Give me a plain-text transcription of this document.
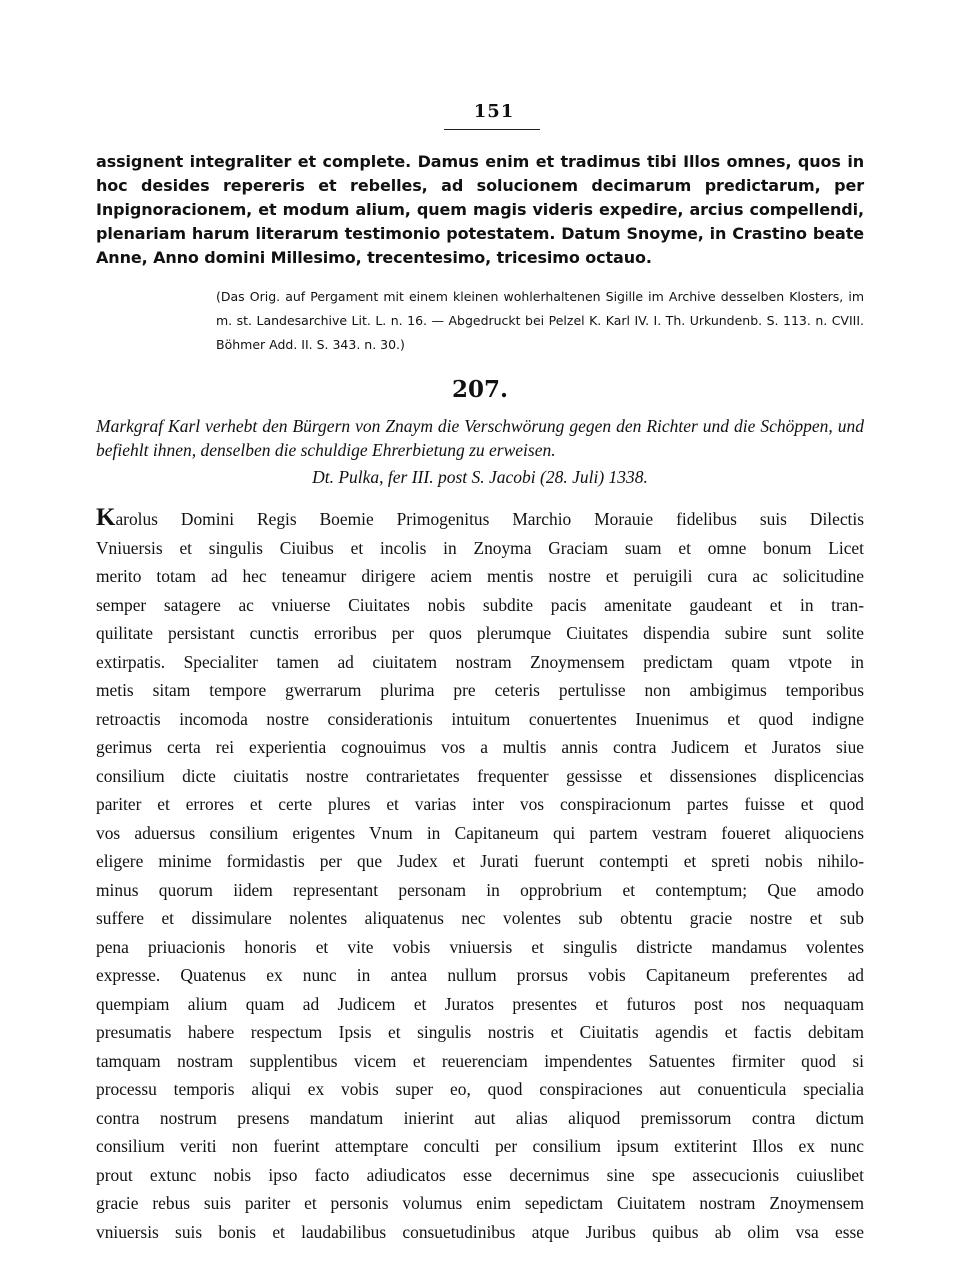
151
assignent integraliter et complete. Damus enim et tradimus tibi Illos omnes, quos in hoc desides repereris et rebelles, ad solucionem decimarum predictarum, per Inpignoracionem, et modum alium, quem magis videris expedire, arcius compellendi, plenariam harum literarum testimonio potestatem. Datum Snoyme, in Crastino beate Anne, Anno domini Millesimo, trecentesimo, tricesimo octauo.
(Das Orig. auf Pergament mit einem kleinen wohlerhaltenen Sigille im Archive desselben Klosters, im m. st. Landesarchive Lit. L. n. 16. — Abgedruckt bei Pelzel K. Karl IV. I. Th. Urkundenb. S. 113. n. CVIII. Böhmer Add. II. S. 343. n. 30.)
207.
Markgraf Karl verhebt den Bürgern von Znaym die Verschwörung gegen den Richter und die Schöppen, und befiehlt ihnen, denselben die schuldige Ehrerbietung zu erweisen.
Dt. Pulka, fer III. post S. Jacobi (28. Juli) 1338.
Karolus Domini Regis Boemie Primogenitus Marchio Morauie fidelibus suis Dilectis
Vniuersis et singulis Ciuibus et incolis in Znoyma Graciam suam et omne bonum Licet
merito totam ad hec teneamur dirigere aciem mentis nostre et peruigili cura ac solicitudine
semper satagere ac vniuerse Ciuitates nobis subdite pacis amenitate gaudeant et in tran-
quilitate persistant cunctis erroribus per quos plerumque Ciuitates dispendia subire sunt solite
extirpatis. Specialiter tamen ad ciuitatem nostram Znoymensem predictam quam vtpote in
metis sitam tempore gwerrarum plurima pre ceteris pertulisse non ambigimus temporibus
retroactis incomoda nostre considerationis intuitum conuertentes Inuenimus et quod indigne
gerimus certa rei experientia cognouimus vos a multis annis contra Judicem et Juratos siue
consilium dicte ciuitatis nostre contrarietates frequenter gessisse et dissensiones displicencias
pariter et errores et certe plures et varias inter vos conspiracionum partes fuisse et quod
vos aduersus consilium erigentes Vnum in Capitaneum qui partem vestram foueret aliquociens
eligere minime formidastis per que Judex et Jurati fuerunt contempti et spreti nobis nihilo-
minus quorum iidem representant personam in opprobrium et contemptum; Que amodo
suffere et dissimulare nolentes aliquatenus nec volentes sub obtentu gracie nostre et sub
pena priuacionis honoris et vite vobis vniuersis et singulis districte mandamus volentes
expresse. Quatenus ex nunc in antea nullum prorsus vobis Capitaneum preferentes ad
quempiam alium quam ad Judicem et Juratos presentes et futuros post nos nequaquam
presumatis habere respectum Ipsis et singulis nostris et Ciuitatis agendis et factis debitam
tamquam nostram supplentibus vicem et reuerenciam impendentes Satuentes firmiter quod si
processu temporis aliqui ex vobis super eo, quod conspiraciones aut conuenticula specialia
contra nostrum presens mandatum inierint aut alias aliquod premissorum contra dictum
consilium veriti non fuerint attemptare conculti per consilium ipsum extiterint Illos ex nunc
prout extunc nobis ipso facto adiudicatos esse decernimus sine spe assecucionis cuiuslibet
gracie rebus suis pariter et personis volumus enim sepedictam Ciuitatem nostram Znoymensem
vniuersis suis bonis et laudabilibus consuetudinibus atque Juribus quibus ab olim vsa esse
